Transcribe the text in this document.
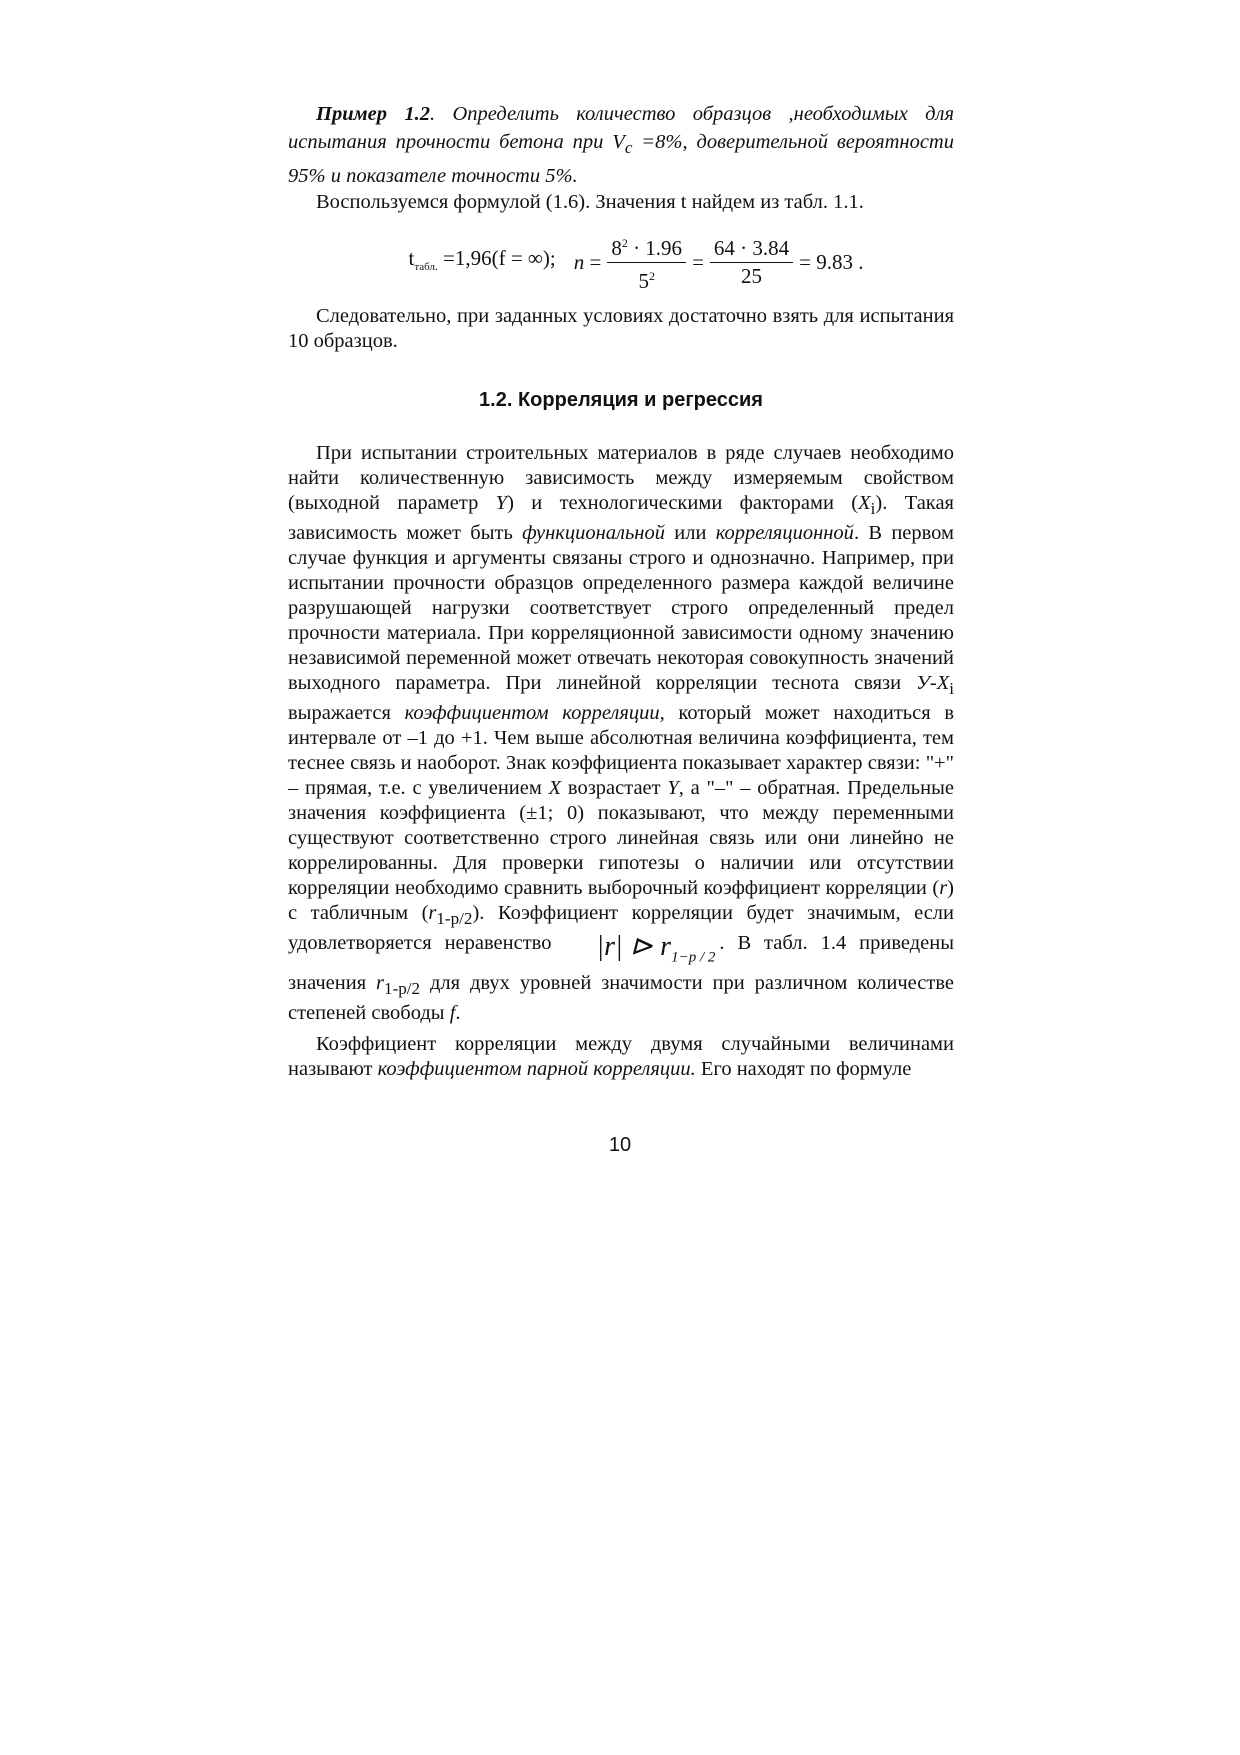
Пример 1.2. Определить количество образцов ,необходимых для испытания прочности бетона при $V_c =8\%$, доверительной вероятности 95% и показателе точности 5%.

Воспользуемся формулой (1.6). Значения t найдем из табл. 1.1.

$t_{табл.} =1,96(f$ = ∞); n
= $\frac{8^2 \cdot 1.96}{5^2} = \frac{64 \cdot 3.84}{25} = 9.83$ .

Следовательно, при заданных условиях достаточно взять для испытания 10 образцов.

1.2. Корреляция и регрессия

При испытании строительных материалов в ряде случаев необходимо найти количественную зависимость между измеряемым свойством (выходной параметр Y) и технологическими факторами $(X_i)$. Такая зависимость может быть функциональной или корреляционной. В первом случае функция и аргументы связаны строго и однозначно. Например, при испытании прочности образцов определенного размера каждой величине разрушающей нагрузки соответствует строго определенный предел прочности материала. При корреляционной зависимости одному значению независимой переменной может отвечать некоторая совокупность значений выходного параметра. При линейной корреляции теснота связи $У-X_i$ выражается коэффициентом корреляции, который может находиться в интервале от –1 до +1. Чем выше абсолютная величина коэффициента, тем теснее связь и наоборот. Знак коэффициента показывает характер связи: "+" – прямая, т.е. с увеличением X возрастает Y, а "–" – обратная. Предельные значения коэффициента (±1; 0) показывают, что между переменными существуют соответственно строго линейная связь или они линейно не коррелированны. Для проверки гипотезы о наличии или отсутствии корреляции необходимо сравнить выборочный коэффициент корреляции (r) с табличным $(r_{1-p/2})$. Коэффициент корреляции будет значимым, если удовлетворяется неравенство |r| ⊳ $r_{1-p / 2}$. В табл. 1.4 приведены значения $r_{1-p/2}$ для двух уровней значимости при различном количестве степеней свободы f.

Коэффициент корреляции между двумя случайными величинами называют коэффициентом парной корреляции. Его находят по формуле

10
